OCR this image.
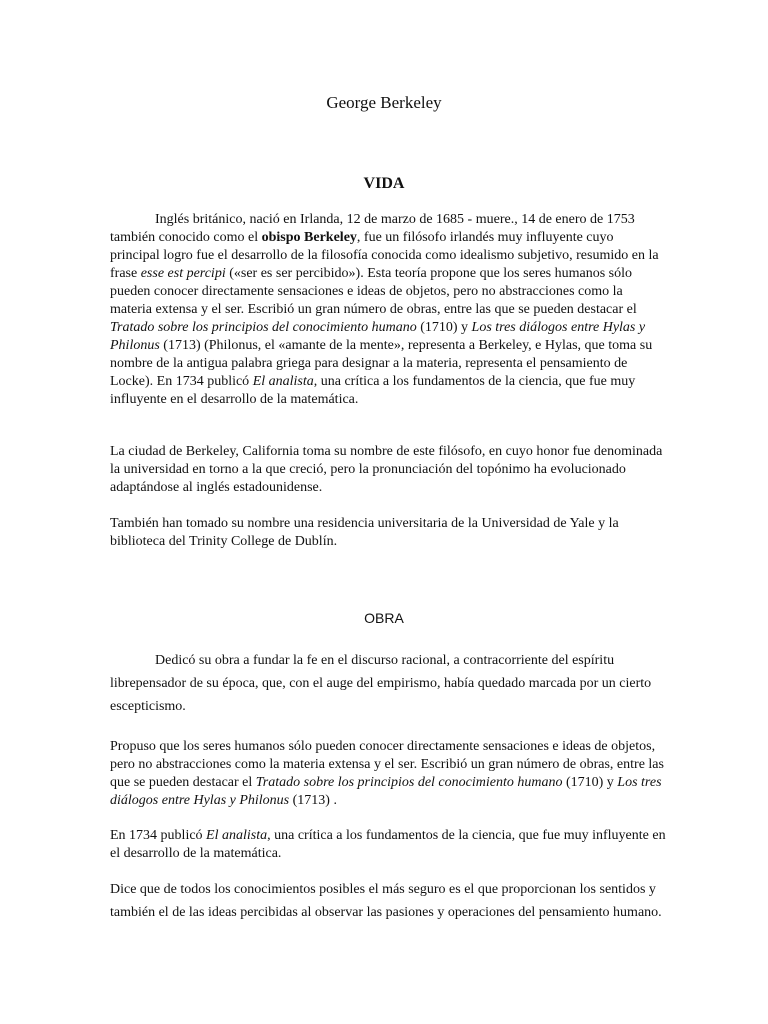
George Berkeley
VIDA

Inglés británico, nació en Irlanda, 12 de marzo de 1685 - muere., 14 de enero de 1753 también conocido como el obispo Berkeley, fue un filósofo irlandés muy influyente cuyo principal logro fue el desarrollo de la filosofía conocida como idealismo subjetivo, resumido en la frase esse est percipi («ser es ser percibido»). Esta teoría propone que los seres humanos sólo pueden conocer directamente sensaciones e ideas de objetos, pero no abstracciones como la materia extensa y el ser. Escribió un gran número de obras, entre las que se pueden destacar el Tratado sobre los principios del conocimiento humano (1710) y Los tres diálogos entre Hylas y Philonus (1713) (Philonus, el «amante de la mente», representa a Berkeley, e Hylas, que toma su nombre de la antigua palabra griega para designar a la materia, representa el pensamiento de Locke). En 1734 publicó El analista, una crítica a los fundamentos de la ciencia, que fue muy influyente en el desarrollo de la matemática.

La ciudad de Berkeley, California toma su nombre de este filósofo, en cuyo honor fue denominada la universidad en torno a la que creció, pero la pronunciación del topónimo ha evolucionado adaptándose al inglés estadounidense.

También han tomado su nombre una residencia universitaria de la Universidad de Yale y la biblioteca del Trinity College de Dublín.

OBRA

Dedicó su obra a fundar la fe en el discurso racional, a contracorriente del espíritu librepensador de su época, que, con el auge del empirismo, había quedado marcada por un cierto escepticismo.

Propuso que los seres humanos sólo pueden conocer directamente sensaciones e ideas de objetos, pero no abstracciones como la materia extensa y el ser. Escribió un gran número de obras, entre las que se pueden destacar el Tratado sobre los principios del conocimiento humano (1710) y Los tres diálogos entre Hylas y Philonus (1713) .

En 1734 publicó El analista, una crítica a los fundamentos de la ciencia, que fue muy influyente en el desarrollo de la matemática.

Dice que de todos los conocimientos posibles el más seguro es el que proporcionan los sentidos y también el de las ideas percibidas al observar las pasiones y operaciones del pensamiento humano.
